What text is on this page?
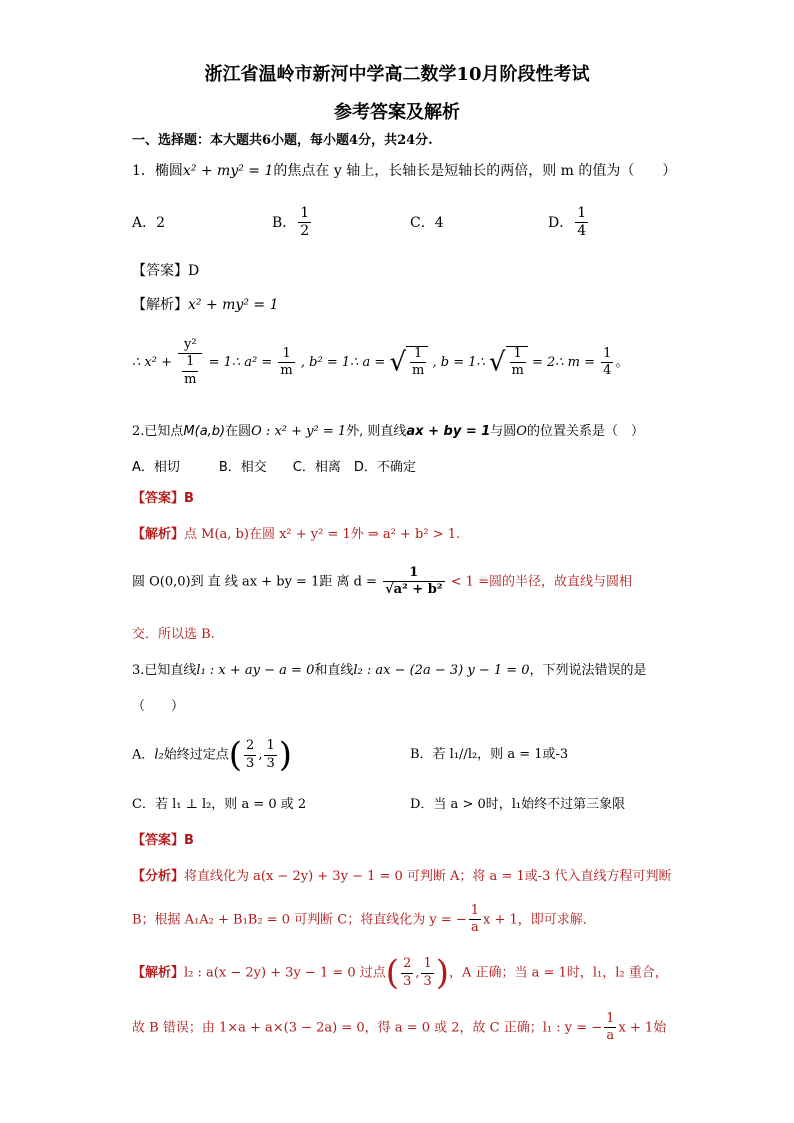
浙江省温岭市新河中学高二数学10月阶段性考试
参考答案及解析
一、选择题：本大题共6小题，每小题4分，共24分.
1．椭圆x² + my² = 1的焦点在 y 轴上，长轴长是短轴长的两倍，则 m 的值为（　　）
A．2	B． $\frac{1}{2}$	C．4	D． $\frac{1}{4}$
【答案】D
【解析】x² + my² = 1
∴ $x^2 + \frac{\text{y²}}{\frac{1}{m}}$ = 1∴ $a^2 = \frac{1}{m}$ , b² = 1∴ a = √ $\frac{1}{m}$ , b = 1∴ √ $\frac{1}{m}$ = 2∴ $m = \frac{1}{4}$ 。
2.已知点M(a,b)在圆O : x² + y² = 1外, 则直线ax + by = 1与圆O的位置关系是（　）
A．相切　　　B．相交　　C．相离　D．不确定
【答案】B
【解析】点 M(a, b)在圆 x² + y² = 1外 ⇒ a² + b² > 1.
圆 O(0,0)到 直 线 ax + by = 1距 离 $d = \frac{1}{\text{√a² + b²}} < 1$ =圆的半径，故直线与圆相
交．所以选 B.
3.已知直线l₁ : x + ay − a = 0和直线l₂ : ax − (2a − 3) y − 1 = 0，下列说法错误的是
（　　）
A．l₂始终过定点( $\frac{2}{3}$ , $\frac{1}{3}$ )	B．若 l₁//l₂，则 a = 1或-3
C．若 l₁ ⊥ l₂，则 a = 0 或 2	D．当 a > 0时，l₁始终不过第三象限
【答案】B
【分析】将直线化为 a(x − 2y) + 3y − 1 = 0 可判断 A；将 a = 1或-3 代入直线方程可判断
B；根据 A₁A₂ + B₁B₂ = 0 可判断 C；将直线化为 y = − $\frac{1}{a}$ x + 1，即可求解．
【解析】l₂ : a(x − 2y) + 3y − 1 = 0 过点( $\frac{2}{3}$ , $\frac{1}{3}$ )，A 正确；当 a = 1时，l₁，l₂ 重合，
故 B 错误；由 1×a + a×(3 − 2a) = 0，得 a = 0 或 2，故 C 正确；l₁ : y = − $\frac{1}{a}$ x + 1始
